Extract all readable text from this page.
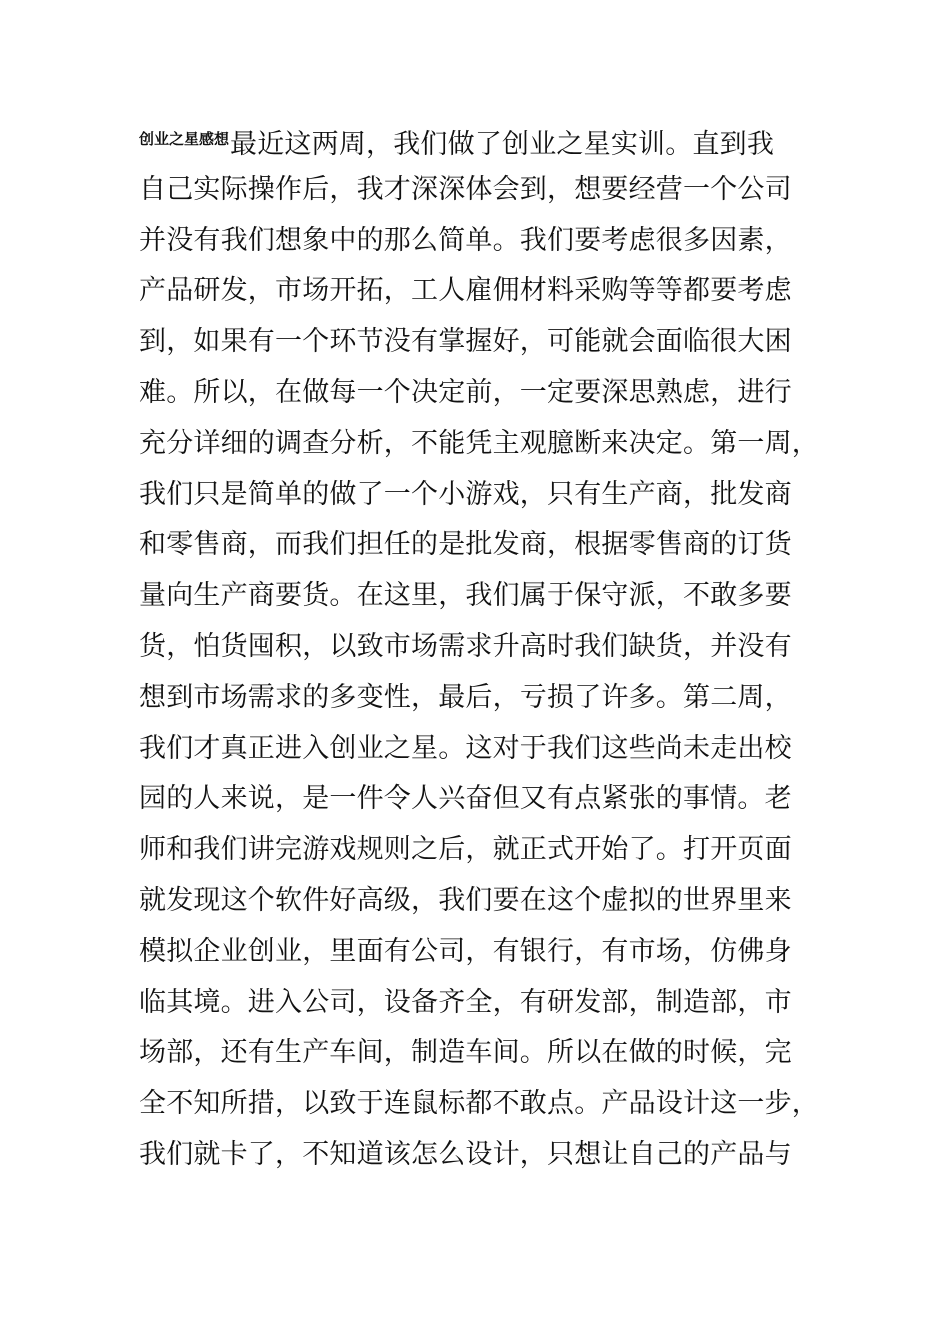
$^{创业之星感想}$最近这两周，我们做了创业之星实训。直到我
自己实际操作后，我才深深体会到，想要经营一个公司
并没有我们想象中的那么简单。我们要考虑很多因素，
产品研发，市场开拓，工人雇佣材料采购等等都要考虑
到，如果有一个环节没有掌握好，可能就会面临很大困
难。所以，在做每一个决定前，一定要深思熟虑，进行
充分详细的调查分析，不能凭主观臆断来决定。第一周，
我们只是简单的做了一个小游戏，只有生产商，批发商
和零售商，而我们担任的是批发商，根据零售商的订货
量向生产商要货。在这里，我们属于保守派，不敢多要
货，怕货囤积，以致市场需求升高时我们缺货，并没有
想到市场需求的多变性，最后，亏损了许多。第二周，
我们才真正进入创业之星。这对于我们这些尚未走出校
园的人来说，是一件令人兴奋但又有点紧张的事情。老
师和我们讲完游戏规则之后，就正式开始了。打开页面
就发现这个软件好高级，我们要在这个虚拟的世界里来
模拟企业创业，里面有公司，有银行，有市场，仿佛身
临其境。进入公司，设备齐全，有研发部，制造部，市
场部，还有生产车间，制造车间。所以在做的时候，完
全不知所措，以致于连鼠标都不敢点。产品设计这一步，
我们就卡了，不知道该怎么设计，只想让自己的产品与
